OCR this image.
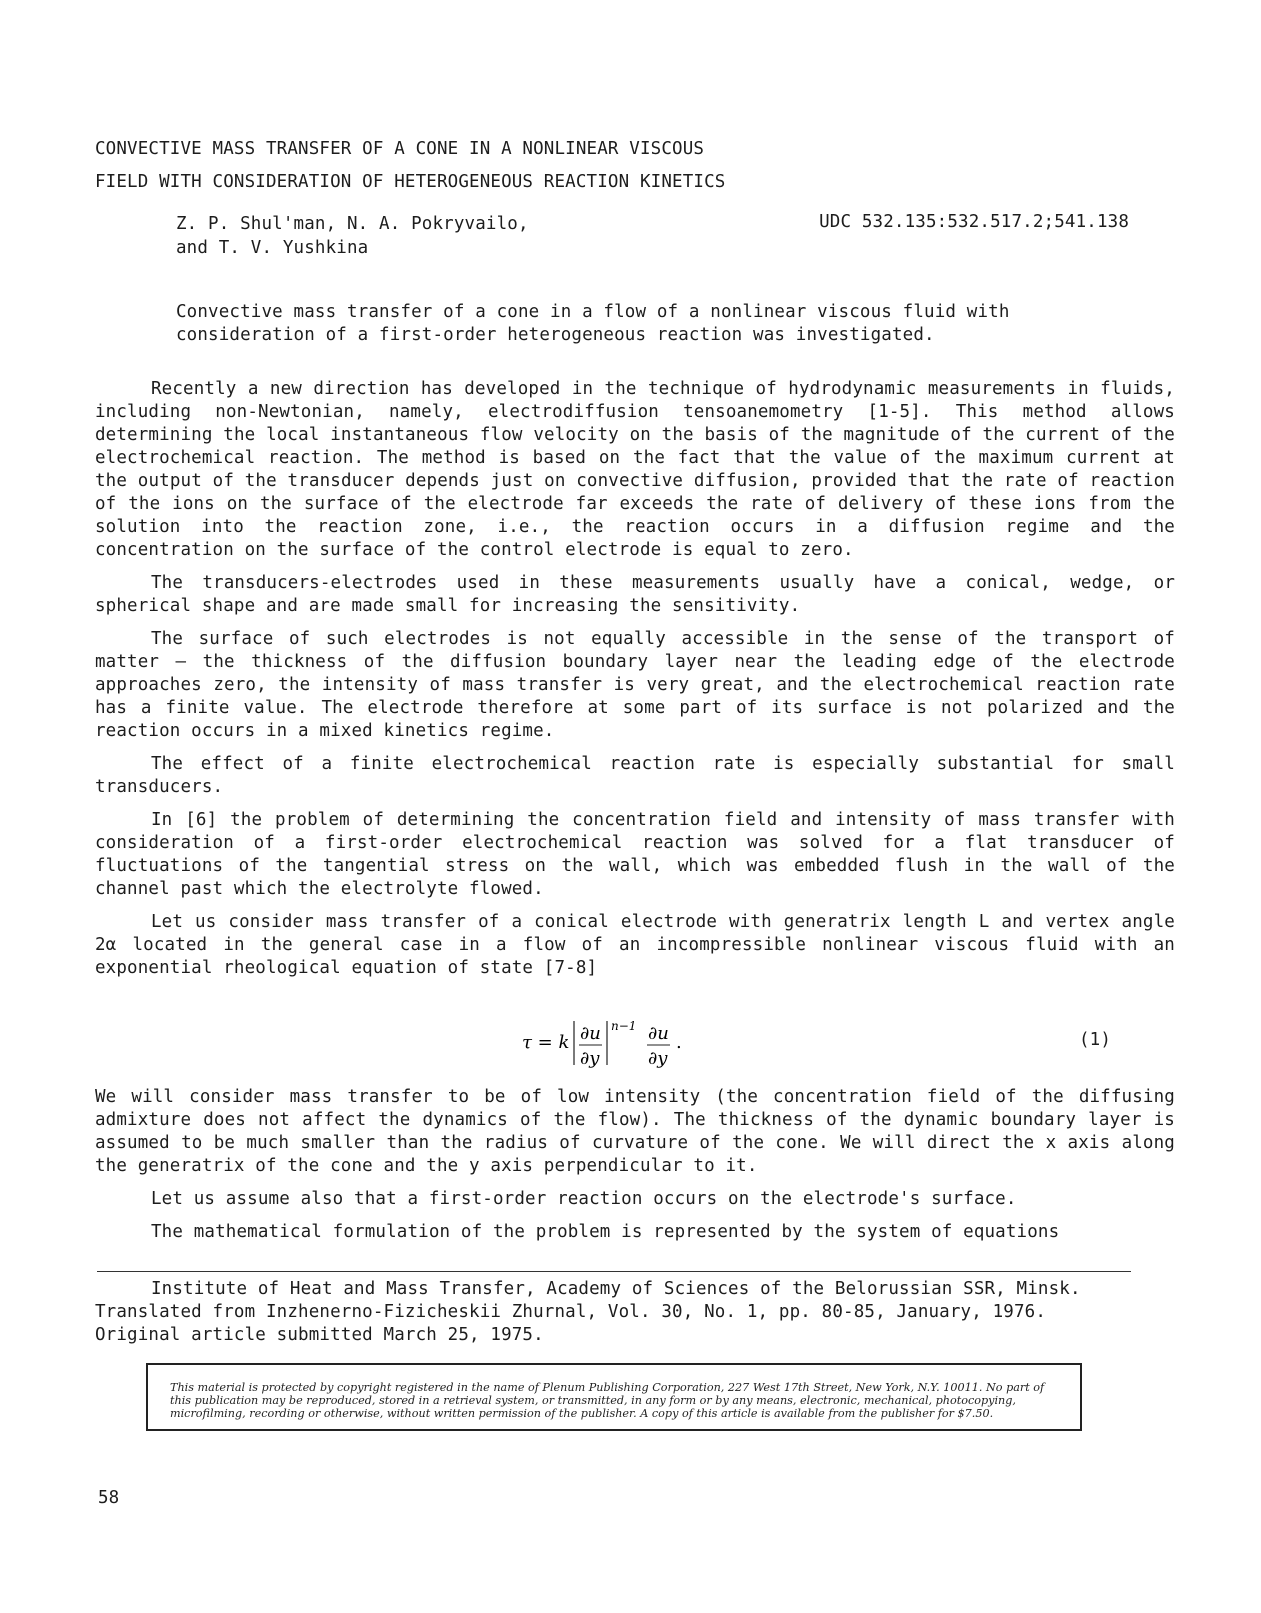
CONVECTIVE MASS TRANSFER OF A CONE IN A NONLINEAR VISCOUS
FIELD WITH CONSIDERATION OF HETEROGENEOUS REACTION KINETICS
Z. P. Shul'man, N. A. Pokryvailo,
and T. V. Yushkina
UDC 532.135:532.517.2;541.138
Convective mass transfer of a cone in a flow of a nonlinear viscous fluid with consideration of a first-order heterogeneous reaction was investigated.

Recently a new direction has developed in the technique of hydrodynamic measurements in fluids, including non-Newtonian, namely, electrodiffusion tensoanemometry [1-5]. This method allows determining the local instantaneous flow velocity on the basis of the magnitude of the current of the electrochemical reaction. The method is based on the fact that the value of the maximum current at the output of the transducer depends just on convective diffusion, provided that the rate of reaction of the ions on the surface of the electrode far exceeds the rate of delivery of these ions from the solution into the reaction zone, i.e., the reaction occurs in a diffusion regime and the concentration on the surface of the control electrode is equal to zero.

The transducers-electrodes used in these measurements usually have a conical, wedge, or spherical shape and are made small for increasing the sensitivity.

The surface of such electrodes is not equally accessible in the sense of the transport of matter — the thickness of the diffusion boundary layer near the leading edge of the electrode approaches zero, the intensity of mass transfer is very great, and the electrochemical reaction rate has a finite value. The electrode therefore at some part of its surface is not polarized and the reaction occurs in a mixed kinetics regime.

The effect of a finite electrochemical reaction rate is especially substantial for small transducers.

In [6] the problem of determining the concentration field and intensity of mass transfer with consideration of a first-order electrochemical reaction was solved for a flat transducer of fluctuations of the tangential stress on the wall, which was embedded flush in the wall of the channel past which the electrolyte flowed.

Let us consider mass transfer of a conical electrode with generatrix length L and vertex angle 2α located in the general case in a flow of an incompressible nonlinear viscous fluid with an exponential rheological equation of state [7-8]

τ = k ∂u
∂y
n−1 ∂u
∂y
.	(1)

We will consider mass transfer to be of low intensity (the concentration field of the diffusing admixture does not affect the dynamics of the flow). The thickness of the dynamic boundary layer is assumed to be much smaller than the radius of curvature of the cone. We will direct the x axis along the generatrix of the cone and the y axis perpendicular to it.

Let us assume also that a first-order reaction occurs on the electrode's surface.

The mathematical formulation of the problem is represented by the system of equations

Institute of Heat and Mass Transfer, Academy of Sciences of the Belorussian SSR, Minsk.
Translated from Inzhenerno-Fizicheskii Zhurnal, Vol. 30, No. 1, pp. 80-85, January, 1976.
Original article submitted March 25, 1975.
This material is protected by copyright registered in the name of Plenum Publishing Corporation, 227 West 17th Street, New York, N.Y. 10011. No part of this publication may be reproduced, stored in a retrieval system, or transmitted, in any form or by any means, electronic, mechanical, photocopying, microfilming, recording or otherwise, without written permission of the publisher. A copy of this article is available from the publisher for $7.50.
58
